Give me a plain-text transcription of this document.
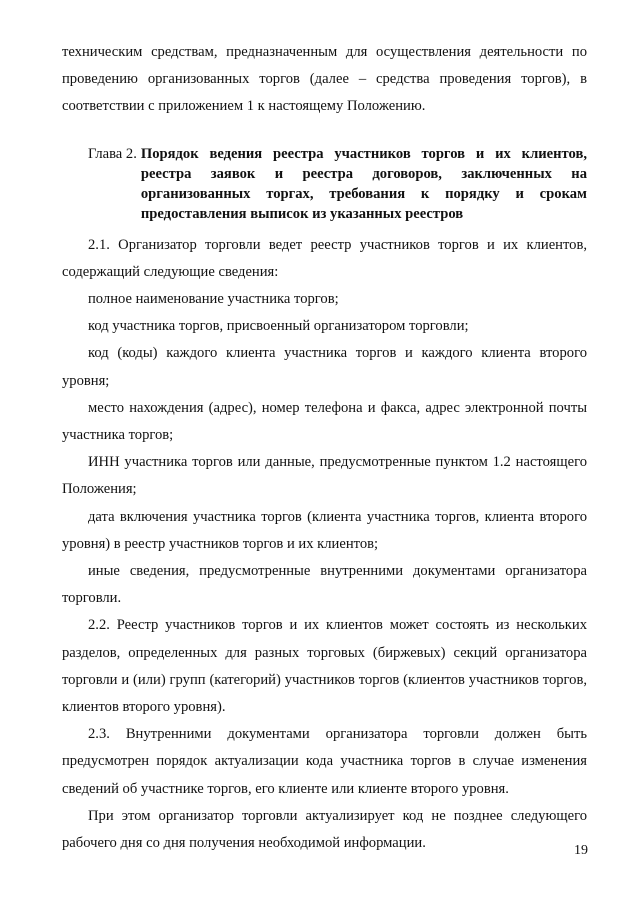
техническим средствам, предназначенным для осуществления деятельности по проведению организованных торгов (далее – средства проведения торгов), в соответствии с приложением 1 к настоящему Положению.

Глава 2. Порядок ведения реестра участников торгов и их клиентов, реестра заявок и реестра договоров, заключенных на организованных торгах, требования к порядку и срокам предоставления выписок из указанных реестров

2.1. Организатор торговли ведет реестр участников торгов и их клиентов, содержащий следующие сведения:

полное наименование участника торгов;

код участника торгов, присвоенный организатором торговли;

код (коды) каждого клиента участника торгов и каждого клиента второго уровня;

место нахождения (адрес), номер телефона и факса, адрес электронной почты участника торгов;

ИНН участника торгов или данные, предусмотренные пунктом 1.2 настоящего Положения;

дата включения участника торгов (клиента участника торгов, клиента второго уровня) в реестр участников торгов и их клиентов;

иные сведения, предусмотренные внутренними документами организатора торговли.

2.2. Реестр участников торгов и их клиентов может состоять из нескольких разделов, определенных для разных торговых (биржевых) секций организатора торговли и (или) групп (категорий) участников торгов (клиентов участников торгов, клиентов второго уровня).

2.3. Внутренними документами организатора торговли должен быть предусмотрен порядок актуализации кода участника торгов в случае изменения сведений об участнике торгов, его клиенте или клиенте второго уровня.

При этом организатор торговли актуализирует код не позднее следующего рабочего дня со дня получения необходимой информации.	19
